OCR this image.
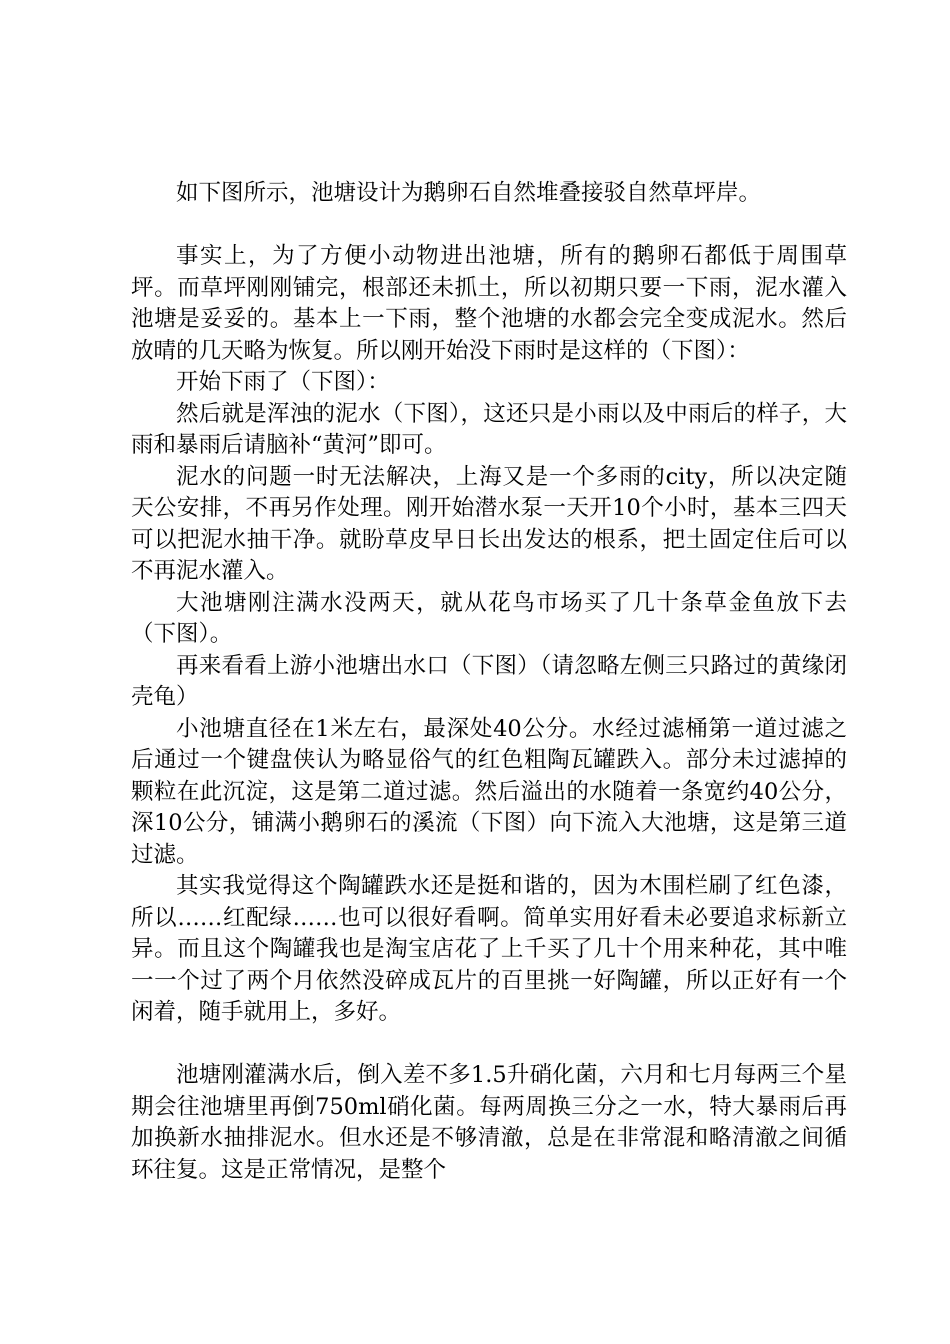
如下图所示，池塘设计为鹅卵石自然堆叠接驳自然草坪岸。

事实上，为了方便小动物进出池塘，所有的鹅卵石都低于周围草坪。而草坪刚刚铺完，根部还未抓土，所以初期只要一下雨，泥水灌入池塘是妥妥的。基本上一下雨，整个池塘的水都会完全变成泥水。然后放晴的几天略为恢复。所以刚开始没下雨时是这样的（下图）：

开始下雨了（下图）：

然后就是浑浊的泥水（下图），这还只是小雨以及中雨后的样子，大雨和暴雨后请脑补“黄河”即可。

泥水的问题一时无法解决，上海又是一个多雨的city，所以决定随天公安排，不再另作处理。刚开始潜水泵一天开10个小时，基本三四天可以把泥水抽干净。就盼草皮早日长出发达的根系，把土固定住后可以不再泥水灌入。

大池塘刚注满水没两天，就从花鸟市场买了几十条草金鱼放下去（下图）。

再来看看上游小池塘出水口（下图）（请忽略左侧三只路过的黄缘闭壳龟）

小池塘直径在1米左右，最深处40公分。水经过滤桶第一道过滤之后通过一个键盘侠认为略显俗气的红色粗陶瓦罐跌入。部分未过滤掉的颗粒在此沉淀，这是第二道过滤。然后溢出的水随着一条宽约40公分，深10公分，铺满小鹅卵石的溪流（下图）向下流入大池塘，这是第三道过滤。

其实我觉得这个陶罐跌水还是挺和谐的，因为木围栏刷了红色漆，所以……红配绿……也可以很好看啊。简单实用好看未必要追求标新立异。而且这个陶罐我也是淘宝店花了上千买了几十个用来种花，其中唯一一个过了两个月依然没碎成瓦片的百里挑一好陶罐，所以正好有一个闲着，随手就用上，多好。

池塘刚灌满水后，倒入差不多1.5升硝化菌，六月和七月每两三个星期会往池塘里再倒750ml硝化菌。每两周换三分之一水，特大暴雨后再加换新水抽排泥水。但水还是不够清澈，总是在非常混和略清澈之间循环往复。这是正常情况，是整个
